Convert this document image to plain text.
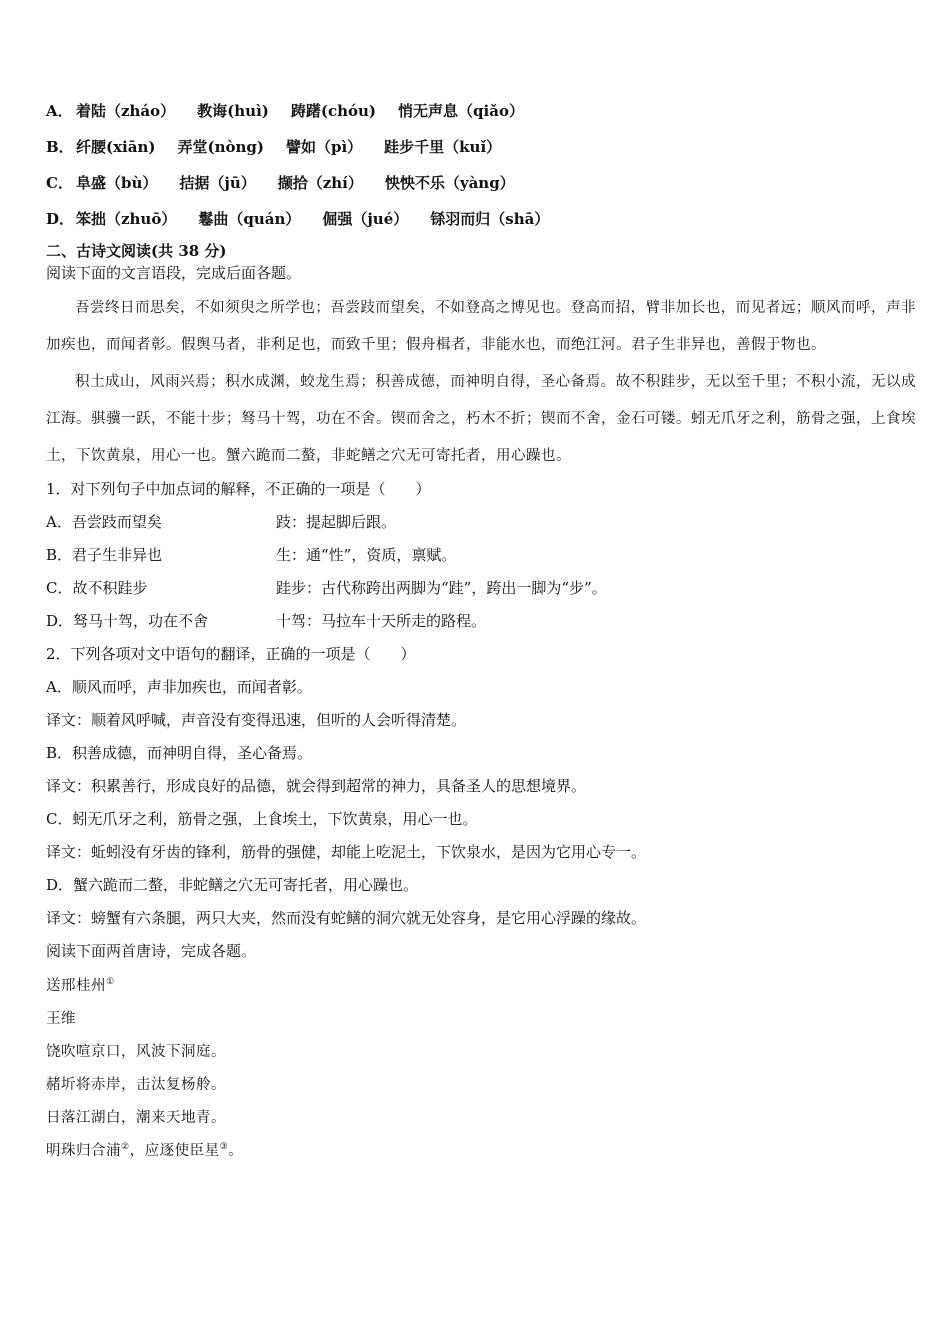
A． 着陆（zháo） 教诲(huì) 踌躇(chóu) 悄无声息（qiǎo）
B． 纤腰(xiān) 弄堂(nòng) 譬如（pì） 跬步千里（kuǐ）
C． 阜盛（bù） 拮据（jū） 撷拾（zhí） 怏怏不乐（yàng）
D． 笨拙（zhuō） 鬈曲（quán） 倔强（jué） 铩羽而归（shā）
二、古诗文阅读(共 38 分)
阅读下面的文言语段，完成后面各题。
吾尝终日而思矣，不如须臾之所学也；吾尝跂而望矣，不如登高之博见也。登高而招，臂非加长也，而见者远；顺风而呼，声非加疾也，而闻者彰。假舆马者，非利足也，而致千里；假舟楫者，非能水也，而绝江河。君子生非异也，善假于物也。
积土成山，风雨兴焉；积水成渊，蛟龙生焉；积善成德，而神明自得，圣心备焉。故不积跬步，无以至千里；不积小流，无以成江海。骐骥一跃，不能十步；驽马十驾，功在不舍。锲而舍之，朽木不折；锲而不舍，金石可镂。蚓无爪牙之利，筋骨之强，上食埃土，下饮黄泉，用心一也。蟹六跪而二螯，非蛇鳝之穴无可寄托者，用心躁也。
1．对下列句子中加点词的解释，不正确的一项是（　　）
A．吾尝跂而望矣	跂：提起脚后跟。
B．君子生非异也	生：通“性”，资质，禀赋。
C．故不积跬步	跬步：古代称跨出两脚为“跬”，跨出一脚为“步”。
D．驽马十驾，功在不舍	十驾：马拉车十天所走的路程。
2．下列各项对文中语句的翻译，正确的一项是（　　）
A．顺风而呼，声非加疾也，而闻者彰。
译文：顺着风呼喊，声音没有变得迅速，但听的人会听得清楚。
B．积善成德，而神明自得，圣心备焉。
译文：积累善行，形成良好的品德，就会得到超常的神力，具备圣人的思想境界。
C．蚓无爪牙之利，筋骨之强，上食埃土，下饮黄泉，用心一也。
译文：蚯蚓没有牙齿的锋利，筋骨的强健，却能上吃泥土，下饮泉水，是因为它用心专一。
D．蟹六跪而二螯，非蛇鳝之穴无可寄托者，用心躁也。
译文：螃蟹有六条腿，两只大夹，然而没有蛇鳝的洞穴就无处容身，是它用心浮躁的缘故。
阅读下面两首唐诗，完成各题。
送邢桂州①
王维
饶吹喧京口，风波下洞庭。
赭圻将赤岸，击汰复杨舲。
日落江湖白，潮来天地青。
明珠归合浦②，应逐使臣星③。
